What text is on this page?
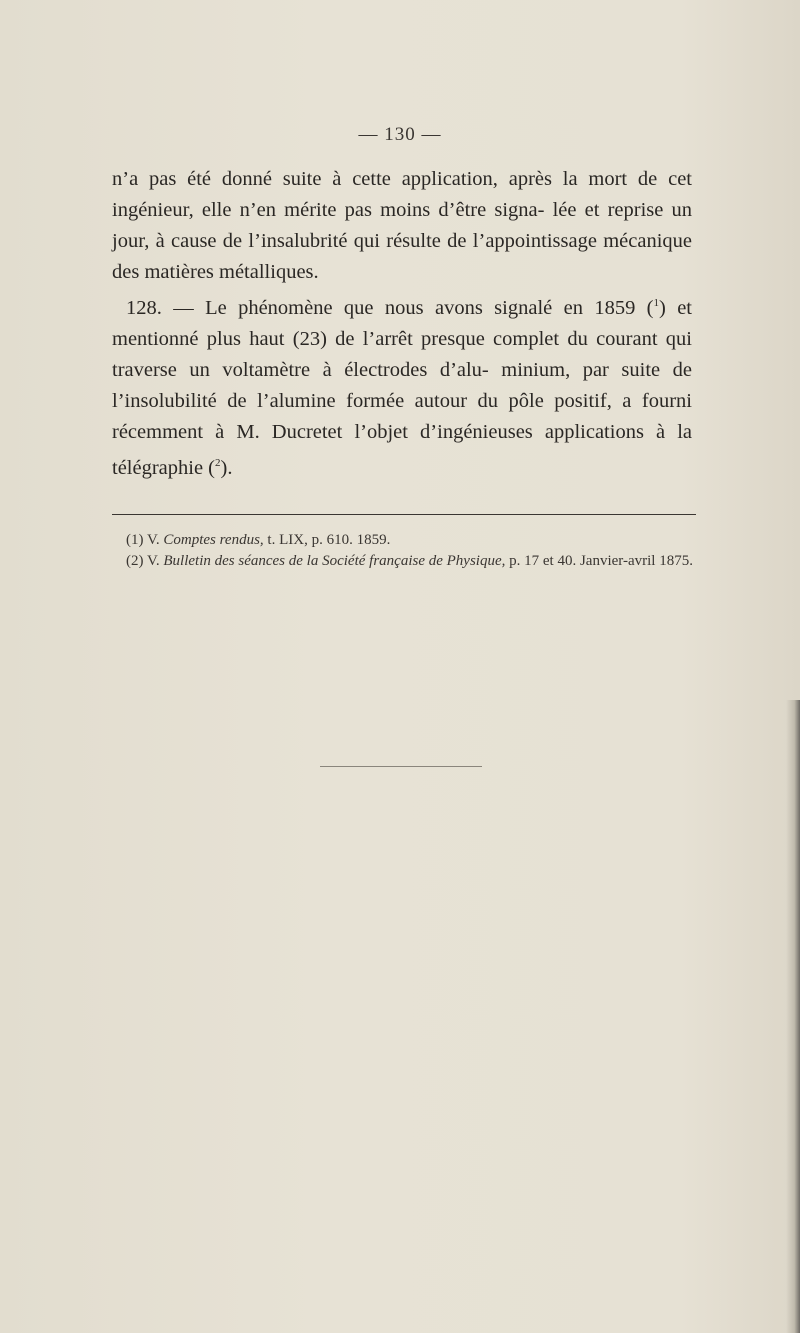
— 130 —

n’a pas été donné suite à cette application, après la mort de cet ingénieur, elle n’en mérite pas moins d’être signa- lée et reprise un jour, à cause de l’insalubrité qui résulte de l’appointissage mécanique des matières métalliques.

128. — Le phénomène que nous avons signalé en 1859 ($^1$) et mentionné plus haut (23) de l’arrêt presque complet du courant qui traverse un voltamètre à électrodes d’alu- minium, par suite de l’insolubilité de l’alumine formée autour du pôle positif, a fourni récemment à M. Ducretet l’objet d’ingénieuses applications à la télégraphie ($^2$).

(1) V. Comptes rendus, t. LIX, p. 610. 1859.

(2) V. Bulletin des séances de la Société française de Physique, p. 17 et 40. Janvier-avril 1875.
